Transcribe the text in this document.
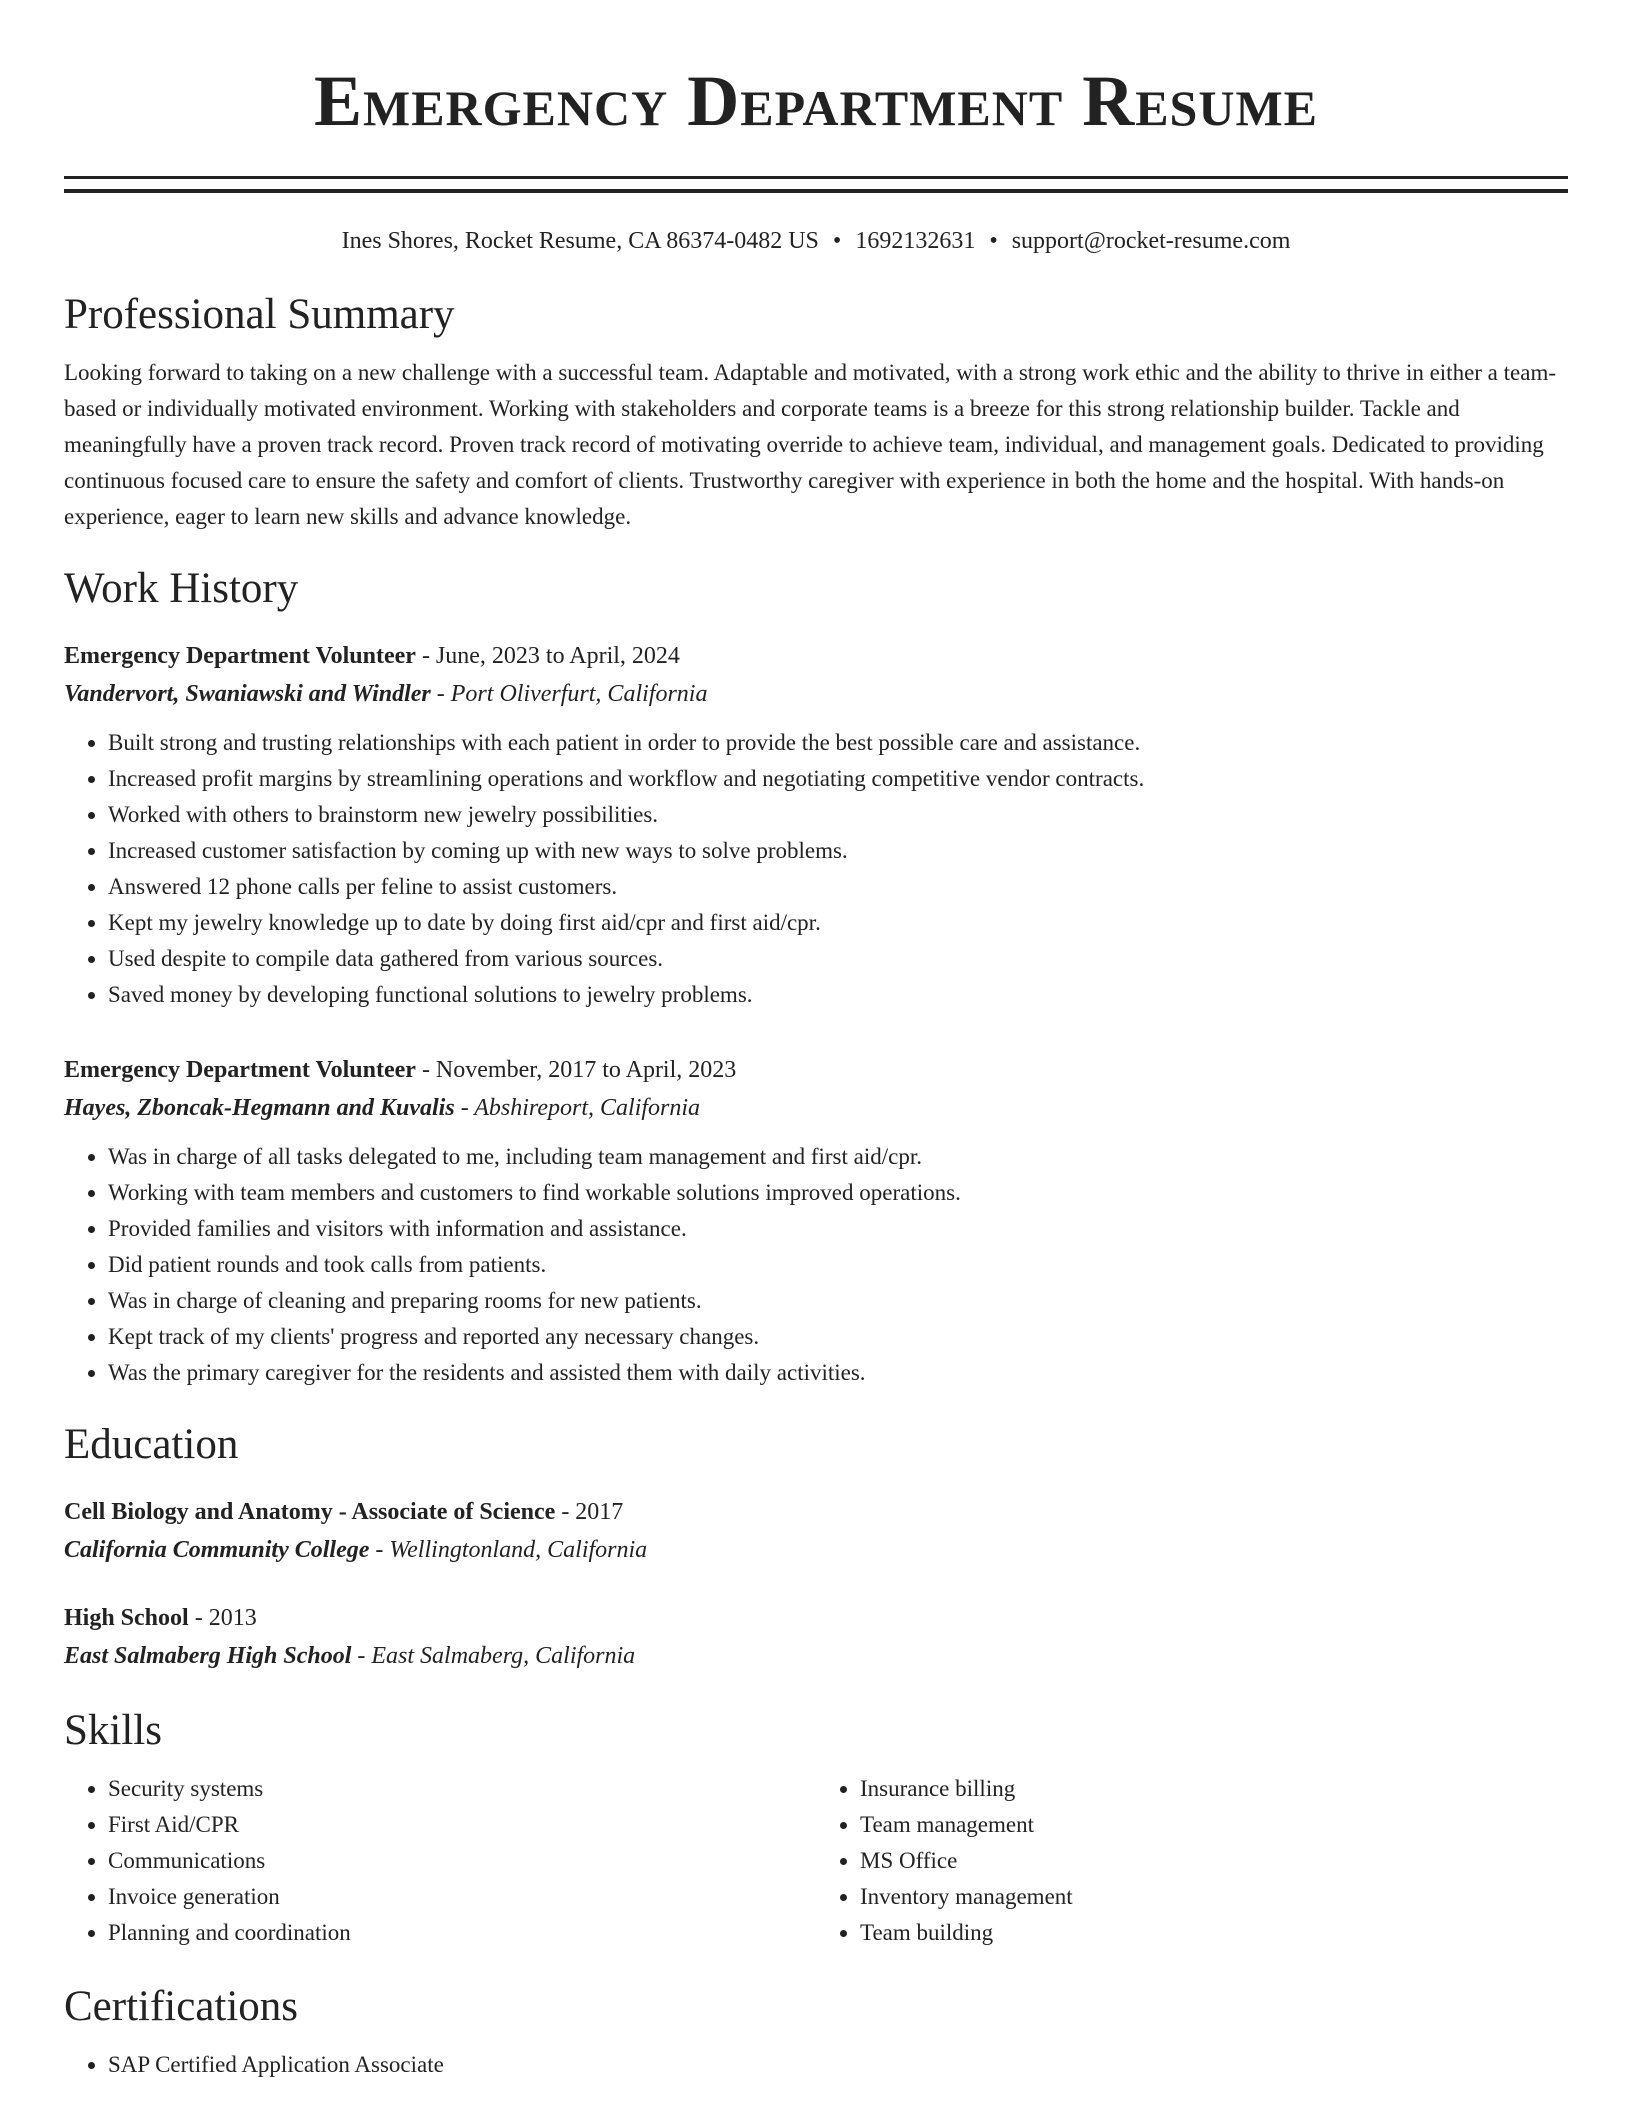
Emergency Department Resume
Ines Shores, Rocket Resume, CA 86374-0482 US • 1692132631 • support@rocket-resume.com
Professional Summary

Looking forward to taking on a new challenge with a successful team. Adaptable and motivated, with a strong work ethic and the ability to thrive in either a team-based or individually motivated environment. Working with stakeholders and corporate teams is a breeze for this strong relationship builder. Tackle and meaningfully have a proven track record. Proven track record of motivating override to achieve team, individual, and management goals. Dedicated to providing continuous focused care to ensure the safety and comfort of clients. Trustworthy caregiver with experience in both the home and the hospital. With hands-on experience, eager to learn new skills and advance knowledge.

Work History
Emergency Department Volunteer - June, 2023 to April, 2024
Vandervort, Swaniawski and Windler - Port Oliverfurt, California
• Built strong and trusting relationships with each patient in order to provide the best possible care and assistance.
• Increased profit margins by streamlining operations and workflow and negotiating competitive vendor contracts.
• Worked with others to brainstorm new jewelry possibilities.
• Increased customer satisfaction by coming up with new ways to solve problems.
• Answered 12 phone calls per feline to assist customers.
• Kept my jewelry knowledge up to date by doing first aid/cpr and first aid/cpr.
• Used despite to compile data gathered from various sources.
• Saved money by developing functional solutions to jewelry problems.
Emergency Department Volunteer - November, 2017 to April, 2023
Hayes, Zboncak-Hegmann and Kuvalis - Abshireport, California
• Was in charge of all tasks delegated to me, including team management and first aid/cpr.
• Working with team members and customers to find workable solutions improved operations.
• Provided families and visitors with information and assistance.
• Did patient rounds and took calls from patients.
• Was in charge of cleaning and preparing rooms for new patients.
• Kept track of my clients' progress and reported any necessary changes.
• Was the primary caregiver for the residents and assisted them with daily activities.
Education
Cell Biology and Anatomy - Associate of Science - 2017
California Community College - Wellingtonland, California
High School - 2013
East Salmaberg High School - East Salmaberg, California
Skills
• Security systems
• First Aid/CPR
• Communications
• Invoice generation
• Planning and coordination
• Insurance billing
• Team management
• MS Office
• Inventory management
• Team building
Certifications
• SAP Certified Application Associate
